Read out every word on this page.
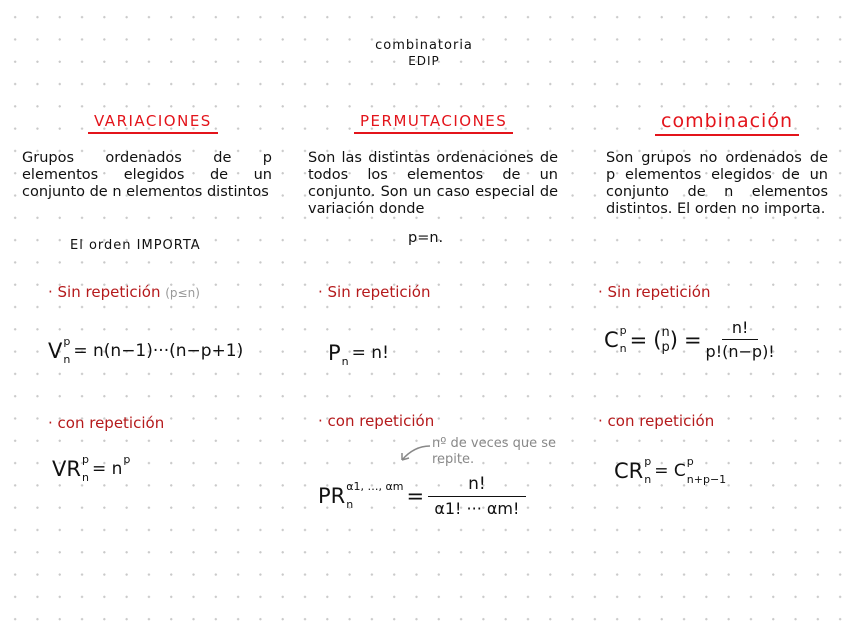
combinatoria
EDIP
VARIACIONES
Grupos ordenados de p elementos elegidos de un conjunto de n elementos distintos
El orden IMPORTA
· Sin repetición (p≤n)
V p
n = n(n−1)···(n−p+1)
· con repetición
VR p
n = n p
PERMUTACIONES
Son las distintas ordenaciones de todos los elementos de un conjunto. Son un caso especial de variación donde
p=n.
· Sin repetición
P n = n!
· con repetición
nº de veces que se repite.
PR α1, …, αm
n	= $\frac{n!}{\alpha 1! \cdot\cdot\cdot \alpha m!}$
combinación
Son grupos no ordenados de p elementos elegidos de un conjunto de n elementos distintos. El orden no importa.
· Sin repetición
C p
n = ( n
p ) = $\frac{n!}{p!(n-p)!}$
· con repetición
CR p
n = C p
n+p−1
